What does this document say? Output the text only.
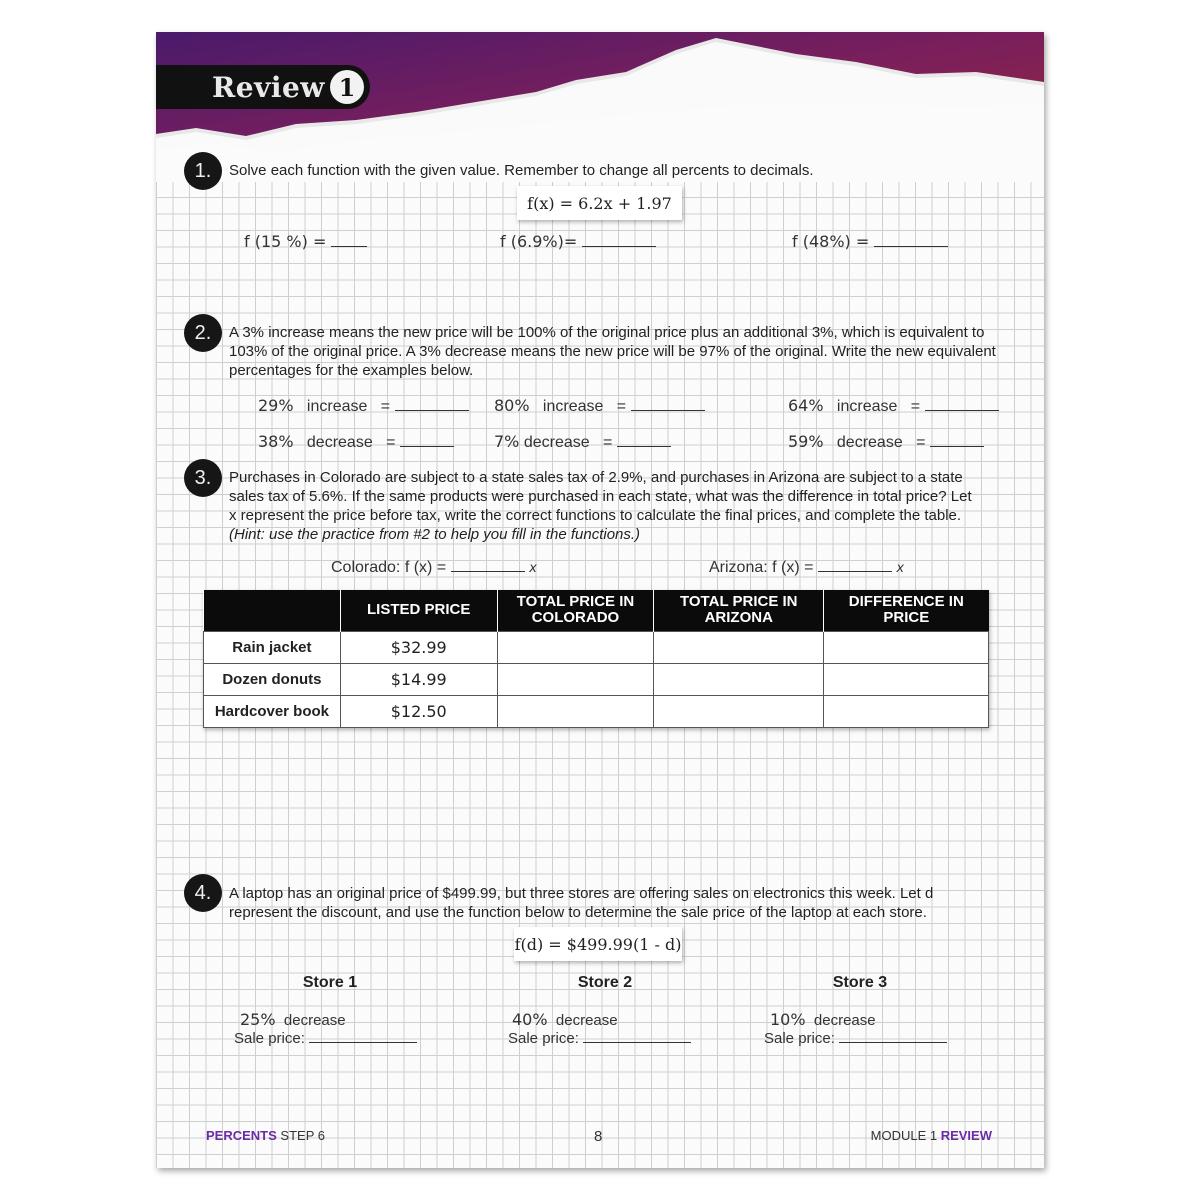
Review 1
1.	Solve each function with the given value. Remember to change all percents to decimals.
f(x) = 6.2x + 1.97
f (15 %) =	f (6.9%)=	f (48%) =
2.	A 3% increase means the new price will be 100% of the original price plus an additional 3%, which is equivalent to 103% of the original price. A 3% decrease means the new price will be 97% of the original. Write the new equivalent percentages for the examples below.
29% increase =	80% increase =	64% increase =
38% decrease =	7% decrease =	59% decrease =
3.	Purchases in Colorado are subject to a state sales tax of 2.9%, and purchases in Arizona are subject to a state sales tax of 5.6%. If the same products were purchased in each state, what was the difference in total price? Let x represent the price before tax, write the correct functions to calculate the final prices, and complete the table. (Hint: use the practice from #2 to help you fill in the functions.)
Colorado: f (x) =	x	Arizona: f (x) =	x
	LISTED PRICE	TOTAL PRICE IN COLORADO	TOTAL PRICE IN ARIZONA	DIFFERENCE IN PRICE
Rain jacket	$32.99			
Dozen donuts	$14.99			
Hardcover book	$12.50			
4.	A laptop has an original price of $499.99, but three stores are offering sales on electronics this week. Let d represent the discount, and use the function below to determine the sale price of the laptop at each store.
f(d) = $499.99(1 - d)
Store 1	Store 2	Store 3
25% decrease
Sale price:
40% decrease
Sale price:
10% decrease
Sale price:
PERCENTS STEP 6	8	MODULE 1 REVIEW
